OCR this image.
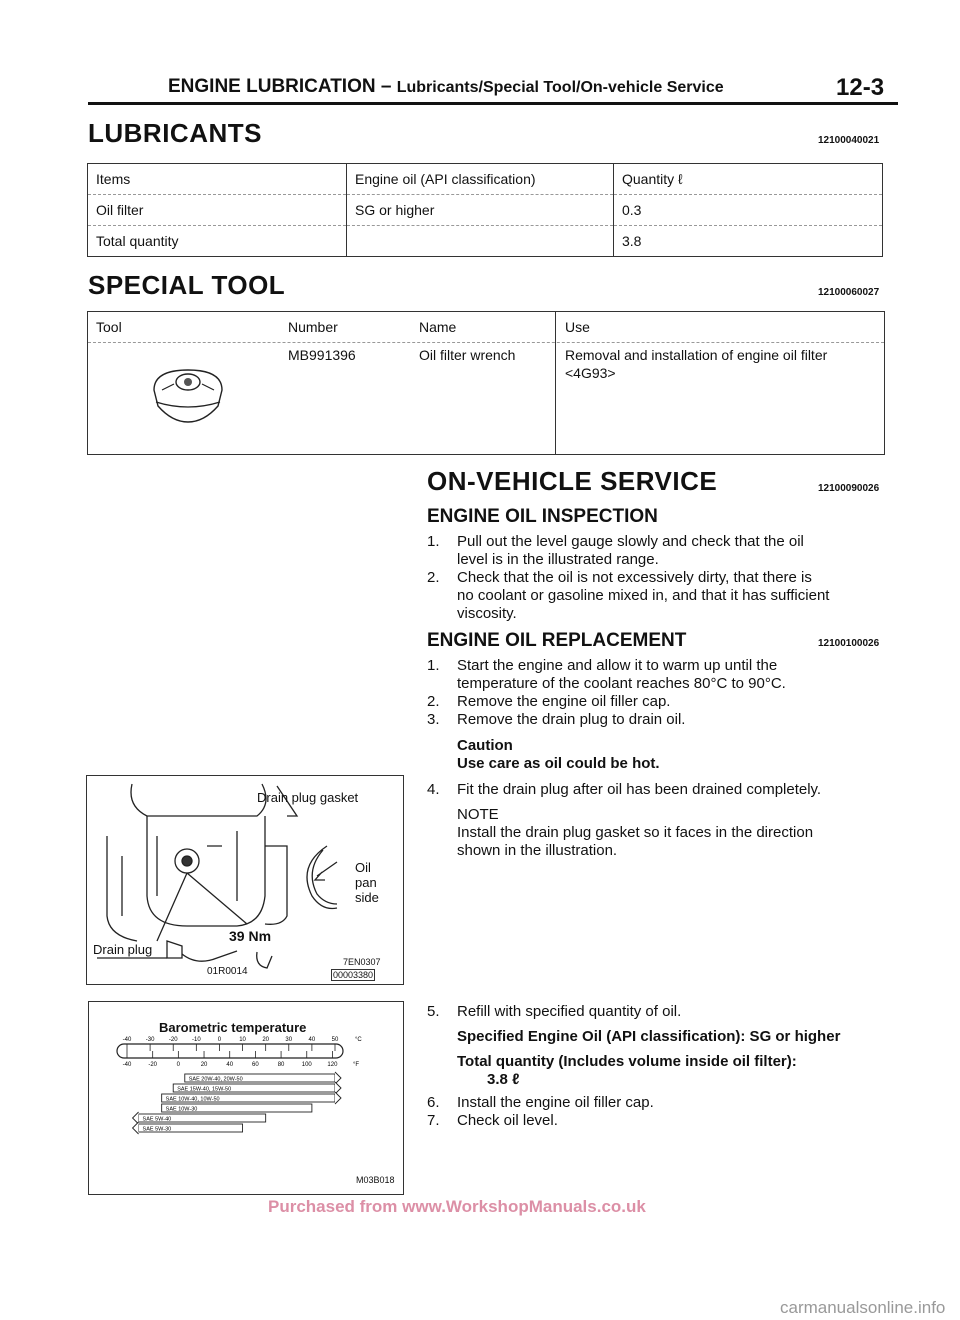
ENGINE LUBRICATION – Lubricants/Special Tool/On-vehicle Service	12-3
LUBRICANTS	12100040021
Items	Engine oil (API classification)	Quantity ℓ
Oil filter	SG or higher	0.3
Total quantity		3.8
SPECIAL TOOL	12100060027
Tool	Number	Name	Use
MB991396	Oil filter wrench	Removal and installation of engine oil filter
<4G93>
ON-VEHICLE SERVICE	12100090026
ENGINE OIL INSPECTION
1.	Pull out the level gauge slowly and check that the oil
level is in the illustrated range.
2.	Check that the oil is not excessively dirty, that there is
no coolant or gasoline mixed in, and that it has sufficient
viscosity.
ENGINE OIL REPLACEMENT	12100100026
1.	Start the engine and allow it to warm up until the
temperature of the coolant reaches 80°C to 90°C.
2.	Remove the engine oil filler cap.
3.	Remove the drain plug to drain oil.
Caution
Use care as oil could be hot.
4.	Fit the drain plug after oil has been drained completely.
NOTE
Install the drain plug gasket so it faces in the direction
shown in the illustration.
5.	Refill with specified quantity of oil.
Specified Engine Oil (API classification): SG or higher
Total quantity (Includes volume inside oil filter):
3.8 ℓ
6.	Install the engine oil filler cap.
7.	Check oil level.
Drain plug gasket
Oil
pan
side
39 Nm
Drain plug
01R0014
7EN0307
00003380
Barometric temperature
-40 -30 -20 -10	0	10	20	30	40	50	°C
-40	-20	0	20	40	60	80	100	120	°F
SAE 20W-40, 20W-50
SAE 15W-40, 15W-50
SAE 10W-40, 10W-50
SAE 10W-30
SAE 5W-40
SAE 5W-30
M03B018
Purchased from www.WorkshopManuals.co.uk
carmanualsonline.info
